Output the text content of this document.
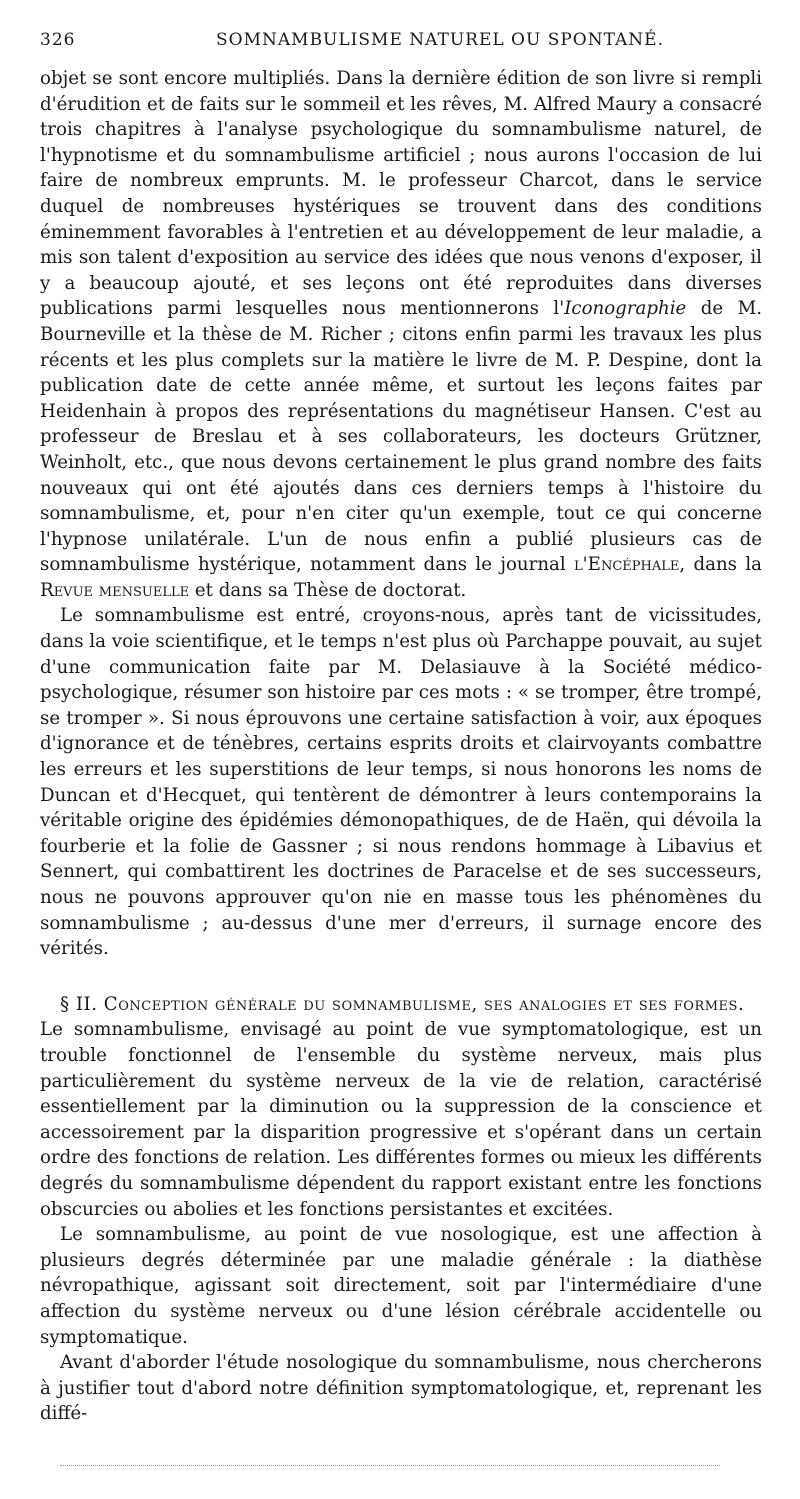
326	SOMNAMBULISME NATUREL OU SPONTANÉ.

objet se sont encore multipliés. Dans la dernière édition de son livre si rempli d'érudition et de faits sur le sommeil et les rêves, M. Alfred Maury a consacré trois chapitres à l'analyse psychologique du somnambulisme naturel, de l'hypnotisme et du somnambulisme artificiel ; nous aurons l'occasion de lui faire de nombreux emprunts. M. le professeur Charcot, dans le service duquel de nombreuses hystériques se trouvent dans des conditions éminemment favorables à l'entretien et au développement de leur maladie, a mis son talent d'exposition au service des idées que nous venons d'exposer, il y a beaucoup ajouté, et ses leçons ont été reproduites dans diverses publications parmi lesquelles nous mentionnerons l'Iconographie de M. Bourneville et la thèse de M. Richer ; citons enfin parmi les travaux les plus récents et les plus complets sur la matière le livre de M. P. Despine, dont la publication date de cette année même, et surtout les leçons faites par Heidenhain à propos des représentations du magnétiseur Hansen. C'est au professeur de Breslau et à ses collaborateurs, les docteurs Grützner, Weinholt, etc., que nous devons certainement le plus grand nombre des faits nouveaux qui ont été ajoutés dans ces derniers temps à l'histoire du somnambulisme, et, pour n'en citer qu'un exemple, tout ce qui concerne l'hypnose unilatérale. L'un de nous enfin a publié plusieurs cas de somnambulisme hystérique, notamment dans le journal l'Encéphale, dans la Revue mensuelle et dans sa Thèse de doctorat.

Le somnambulisme est entré, croyons-nous, après tant de vicissitudes, dans la voie scientifique, et le temps n'est plus où Parchappe pouvait, au sujet d'une communication faite par M. Delasiauve à la Société médico-psychologique, résumer son histoire par ces mots : « se tromper, être trompé, se tromper ». Si nous éprouvons une certaine satisfaction à voir, aux époques d'ignorance et de ténèbres, certains esprits droits et clairvoyants combattre les erreurs et les superstitions de leur temps, si nous honorons les noms de Duncan et d'Hecquet, qui tentèrent de démontrer à leurs contemporains la véritable origine des épidémies démonopathiques, de de Haën, qui dévoila la fourberie et la folie de Gassner ; si nous rendons hommage à Libavius et Sennert, qui combattirent les doctrines de Paracelse et de ses successeurs, nous ne pouvons approuver qu'on nie en masse tous les phénomènes du somnambulisme ; au-dessus d'une mer d'erreurs, il surnage encore des vérités.

§ II. Conception générale du somnambulisme, ses analogies et ses formes.

Le somnambulisme, envisagé au point de vue symptomatologique, est un trouble fonctionnel de l'ensemble du système nerveux, mais plus particulièrement du système nerveux de la vie de relation, caractérisé essentiellement par la diminution ou la suppression de la conscience et accessoirement par la disparition progressive et s'opérant dans un certain ordre des fonctions de relation. Les différentes formes ou mieux les différents degrés du somnambulisme dépendent du rapport existant entre les fonctions obscurcies ou abolies et les fonctions persistantes et excitées.

Le somnambulisme, au point de vue nosologique, est une affection à plusieurs degrés déterminée par une maladie générale : la diathèse névropathique, agissant soit directement, soit par l'intermédiaire d'une affection du système nerveux ou d'une lésion cérébrale accidentelle ou symptomatique.

Avant d'aborder l'étude nosologique du somnambulisme, nous chercherons à justifier tout d'abord notre définition symptomatologique, et, reprenant les diffé-
